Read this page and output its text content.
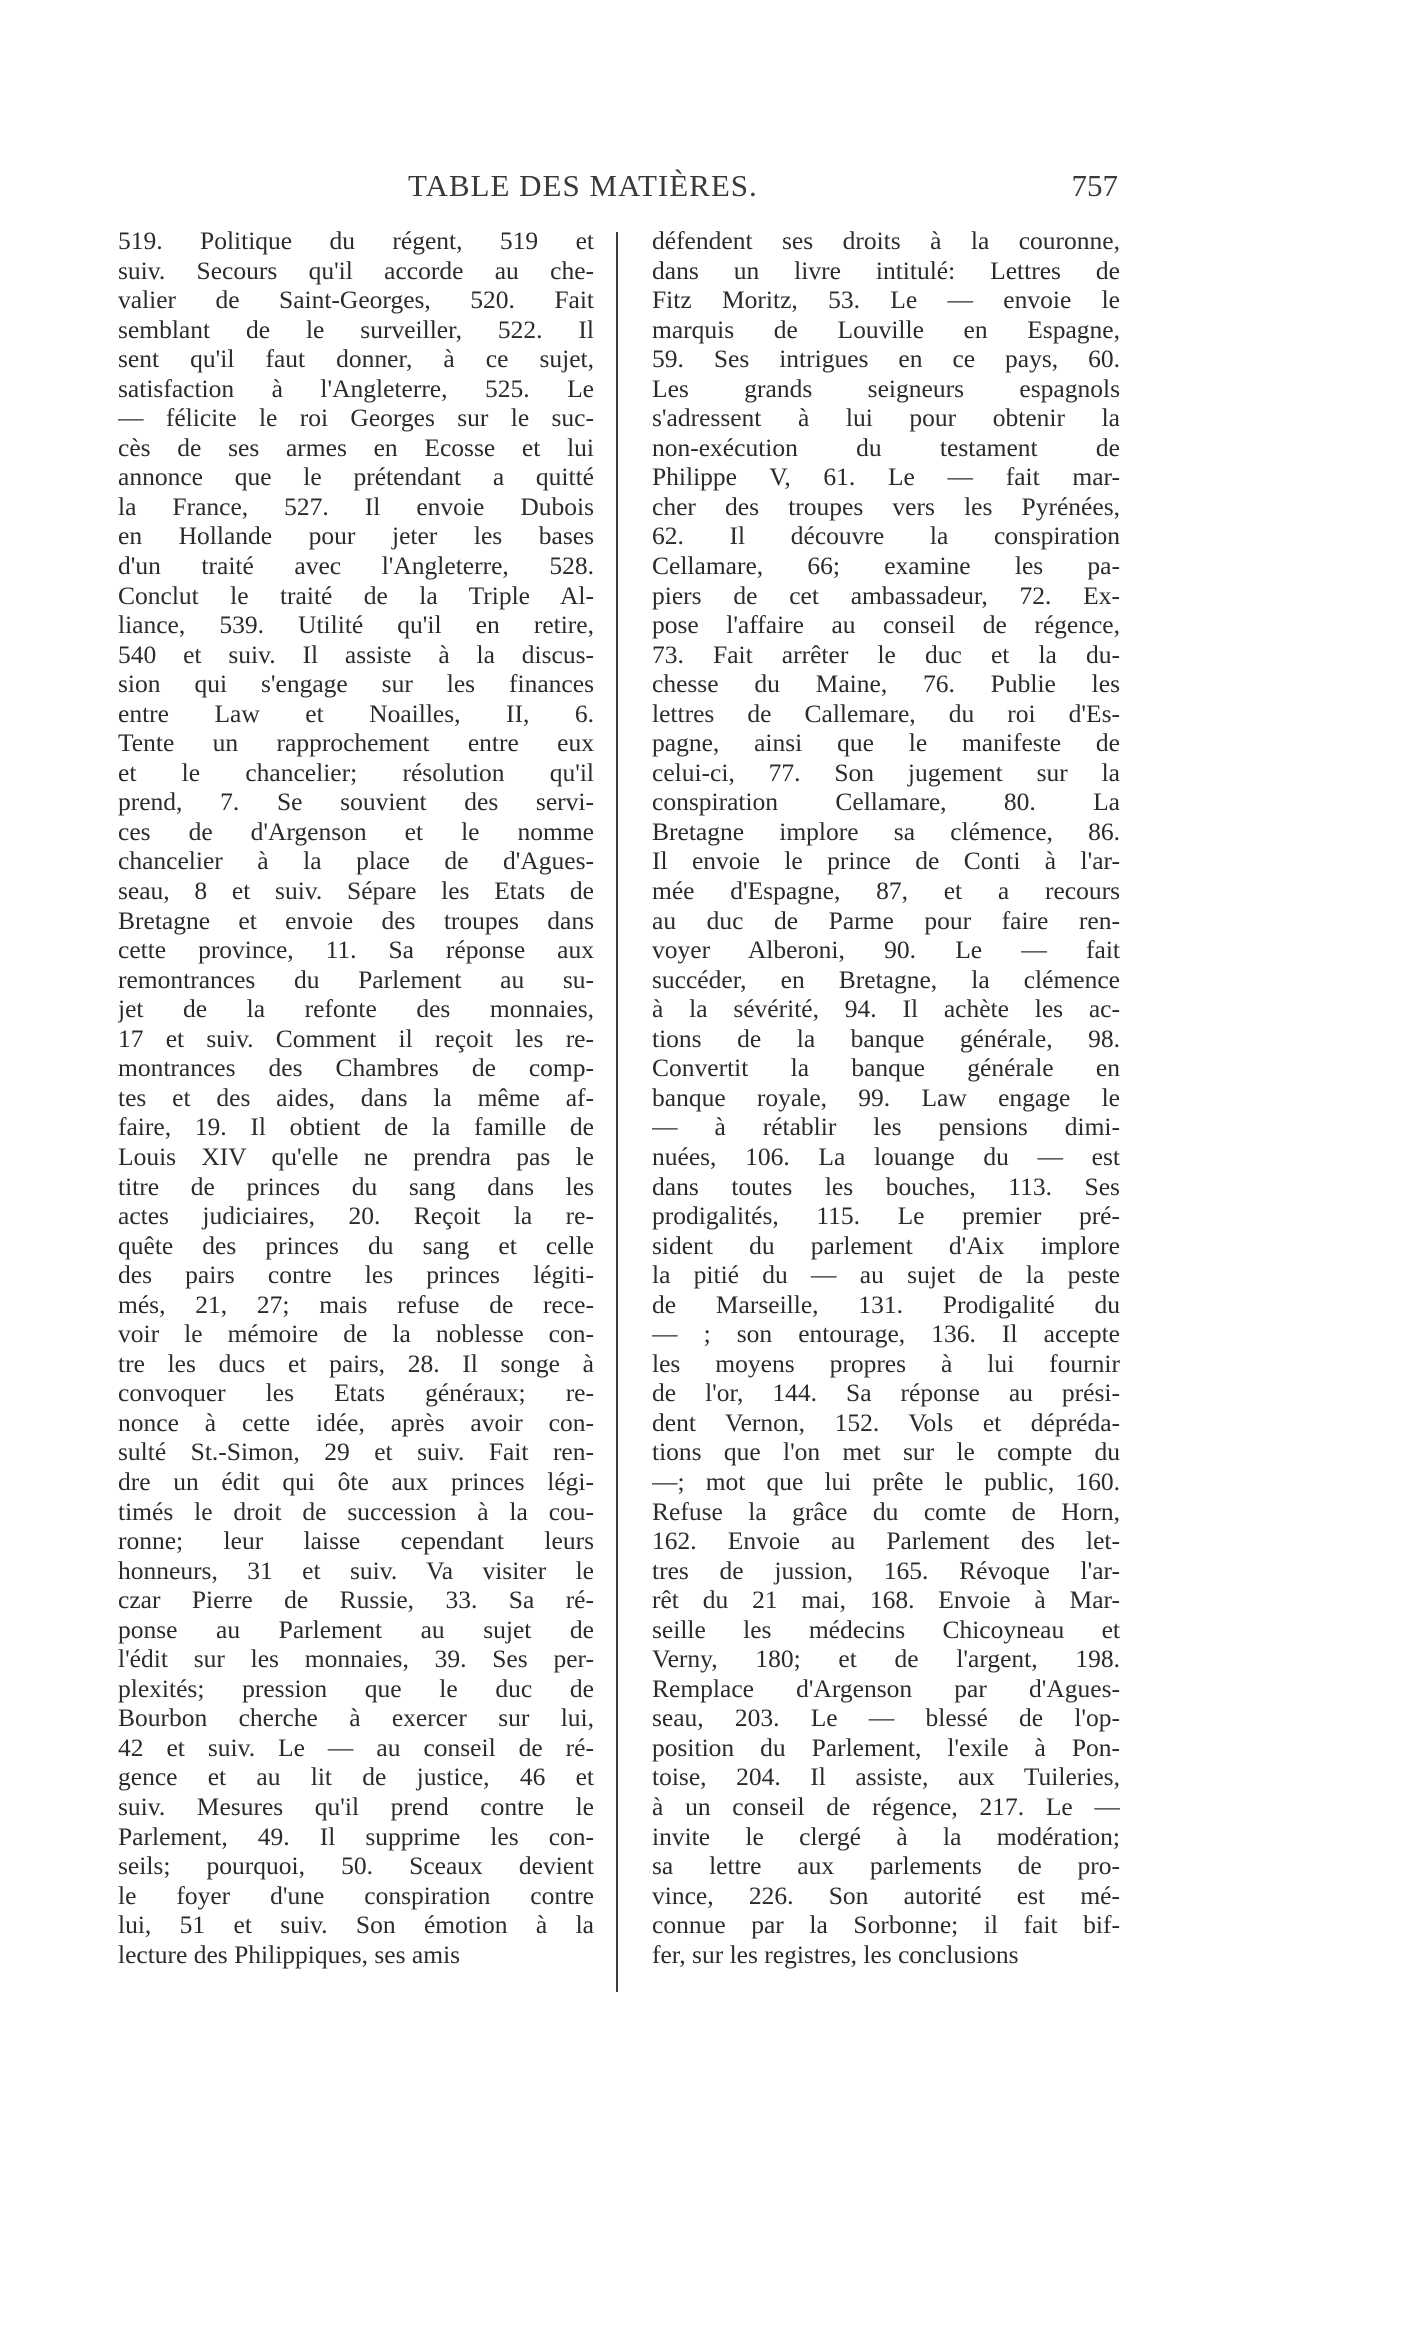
TABLE DES MATIÈRES.	757
519. Politique du régent, 519 et
suiv. Secours qu'il accorde au che-
valier de Saint-Georges, 520. Fait
semblant de le surveiller, 522. Il
sent qu'il faut donner, à ce sujet,
satisfaction à l'Angleterre, 525. Le
— félicite le roi Georges sur le suc-
cès de ses armes en Ecosse et lui
annonce que le prétendant a quitté
la France, 527. Il envoie Dubois
en Hollande pour jeter les bases
d'un traité avec l'Angleterre, 528.
Conclut le traité de la Triple Al-
liance, 539. Utilité qu'il en retire,
540 et suiv. Il assiste à la discus-
sion qui s'engage sur les finances
entre Law et Noailles, II, 6.
Tente un rapprochement entre eux
et le chancelier; résolution qu'il
prend, 7. Se souvient des servi-
ces de d'Argenson et le nomme
chancelier à la place de d'Agues-
seau, 8 et suiv. Sépare les Etats de
Bretagne et envoie des troupes dans
cette province, 11. Sa réponse aux
remontrances du Parlement au su-
jet de la refonte des monnaies,
17 et suiv. Comment il reçoit les re-
montrances des Chambres de comp-
tes et des aides, dans la même af-
faire, 19. Il obtient de la famille de
Louis XIV qu'elle ne prendra pas le
titre de princes du sang dans les
actes judiciaires, 20. Reçoit la re-
quête des princes du sang et celle
des pairs contre les princes légiti-
més, 21, 27; mais refuse de rece-
voir le mémoire de la noblesse con-
tre les ducs et pairs, 28. Il songe à
convoquer les Etats généraux; re-
nonce à cette idée, après avoir con-
sulté St.-Simon, 29 et suiv. Fait ren-
dre un édit qui ôte aux princes légi-
timés le droit de succession à la cou-
ronne; leur laisse cependant leurs
honneurs, 31 et suiv. Va visiter le
czar Pierre de Russie, 33. Sa ré-
ponse au Parlement au sujet de
l'édit sur les monnaies, 39. Ses per-
plexités; pression que le duc de
Bourbon cherche à exercer sur lui,
42 et suiv. Le — au conseil de ré-
gence et au lit de justice, 46 et
suiv. Mesures qu'il prend contre le
Parlement, 49. Il supprime les con-
seils; pourquoi, 50. Sceaux devient
le foyer d'une conspiration contre
lui, 51 et suiv. Son émotion à la
lecture des Philippiques, ses amis
défendent ses droits à la couronne,
dans un livre intitulé: Lettres de
Fitz Moritz, 53. Le — envoie le
marquis de Louville en Espagne,
59. Ses intrigues en ce pays, 60.
Les grands seigneurs espagnols
s'adressent à lui pour obtenir la
non-exécution du testament de
Philippe V, 61. Le — fait mar-
cher des troupes vers les Pyrénées,
62. Il découvre la conspiration
Cellamare, 66; examine les pa-
piers de cet ambassadeur, 72. Ex-
pose l'affaire au conseil de régence,
73. Fait arrêter le duc et la du-
chesse du Maine, 76. Publie les
lettres de Callemare, du roi d'Es-
pagne, ainsi que le manifeste de
celui-ci, 77. Son jugement sur la
conspiration Cellamare, 80. La
Bretagne implore sa clémence, 86.
Il envoie le prince de Conti à l'ar-
mée d'Espagne, 87, et a recours
au duc de Parme pour faire ren-
voyer Alberoni, 90. Le — fait
succéder, en Bretagne, la clémence
à la sévérité, 94. Il achète les ac-
tions de la banque générale, 98.
Convertit la banque générale en
banque royale, 99. Law engage le
— à rétablir les pensions dimi-
nuées, 106. La louange du — est
dans toutes les bouches, 113. Ses
prodigalités, 115. Le premier pré-
sident du parlement d'Aix implore
la pitié du — au sujet de la peste
de Marseille, 131. Prodigalité du
— ; son entourage, 136. Il accepte
les moyens propres à lui fournir
de l'or, 144. Sa réponse au prési-
dent Vernon, 152. Vols et dépréda-
tions que l'on met sur le compte du
—; mot que lui prête le public, 160.
Refuse la grâce du comte de Horn,
162. Envoie au Parlement des let-
tres de jussion, 165. Révoque l'ar-
rêt du 21 mai, 168. Envoie à Mar-
seille les médecins Chicoyneau et
Verny, 180; et de l'argent, 198.
Remplace d'Argenson par d'Agues-
seau, 203. Le — blessé de l'op-
position du Parlement, l'exile à Pon-
toise, 204. Il assiste, aux Tuileries,
à un conseil de régence, 217. Le —
invite le clergé à la modération;
sa lettre aux parlements de pro-
vince, 226. Son autorité est mé-
connue par la Sorbonne; il fait bif-
fer, sur les registres, les conclusions
